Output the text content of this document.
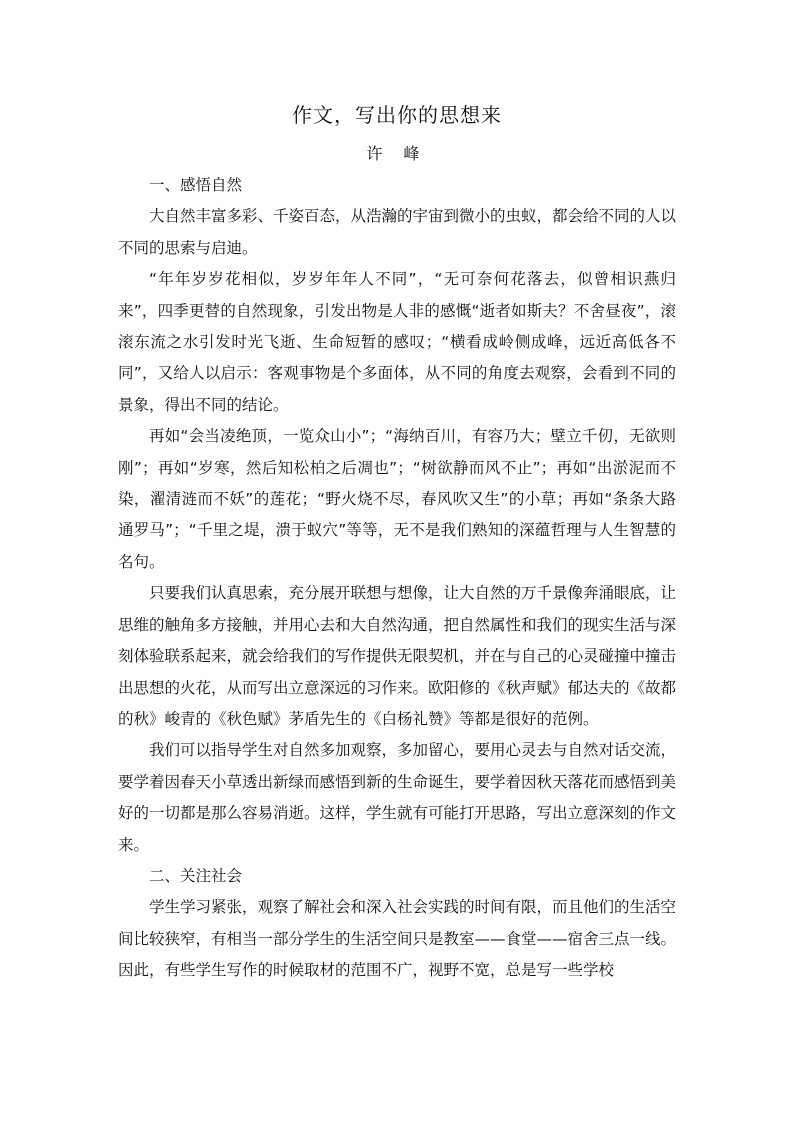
作文，写出你的思想来
许 峰

一、感悟自然

大自然丰富多彩、千姿百态，从浩瀚的宇宙到微小的虫蚁，都会给不同的人以不同的思索与启迪。

“年年岁岁花相似，岁岁年年人不同”，“无可奈何花落去，似曾相识燕归来”，四季更替的自然现象，引发出物是人非的感慨“逝者如斯夫？不舍昼夜”，滚滚东流之水引发时光飞逝、生命短暂的感叹；“横看成岭侧成峰，远近高低各不同”，又给人以启示：客观事物是个多面体，从不同的角度去观察，会看到不同的景象，得出不同的结论。

再如“会当凌绝顶，一览众山小”；“海纳百川，有容乃大；壁立千仞，无欲则刚”；再如“岁寒，然后知松柏之后凋也”；“树欲静而风不止”；再如“出淤泥而不染，濯清涟而不妖”的莲花；“野火烧不尽，春风吹又生”的小草；再如“条条大路通罗马”；“千里之堤，溃于蚁穴”等等，无不是我们熟知的深蕴哲理与人生智慧的名句。

只要我们认真思索，充分展开联想与想像，让大自然的万千景像奔涌眼底，让思维的触角多方接触，并用心去和大自然沟通，把自然属性和我们的现实生活与深刻体验联系起来，就会给我们的写作提供无限契机，并在与自己的心灵碰撞中撞击出思想的火花，从而写出立意深远的习作来。欧阳修的《秋声赋》郁达夫的《故都的秋》峻青的《秋色赋》茅盾先生的《白杨礼赞》等都是很好的范例。

我们可以指导学生对自然多加观察，多加留心，要用心灵去与自然对话交流，要学着因春天小草透出新绿而感悟到新的生命诞生，要学着因秋天落花而感悟到美好的一切都是那么容易消逝。这样，学生就有可能打开思路，写出立意深刻的作文来。

二、关注社会

学生学习紧张，观察了解社会和深入社会实践的时间有限，而且他们的生活空间比较狭窄，有相当一部分学生的生活空间只是教室——食堂——宿舍三点一线。因此，有些学生写作的时候取材的范围不广，视野不宽，总是写一些学校
